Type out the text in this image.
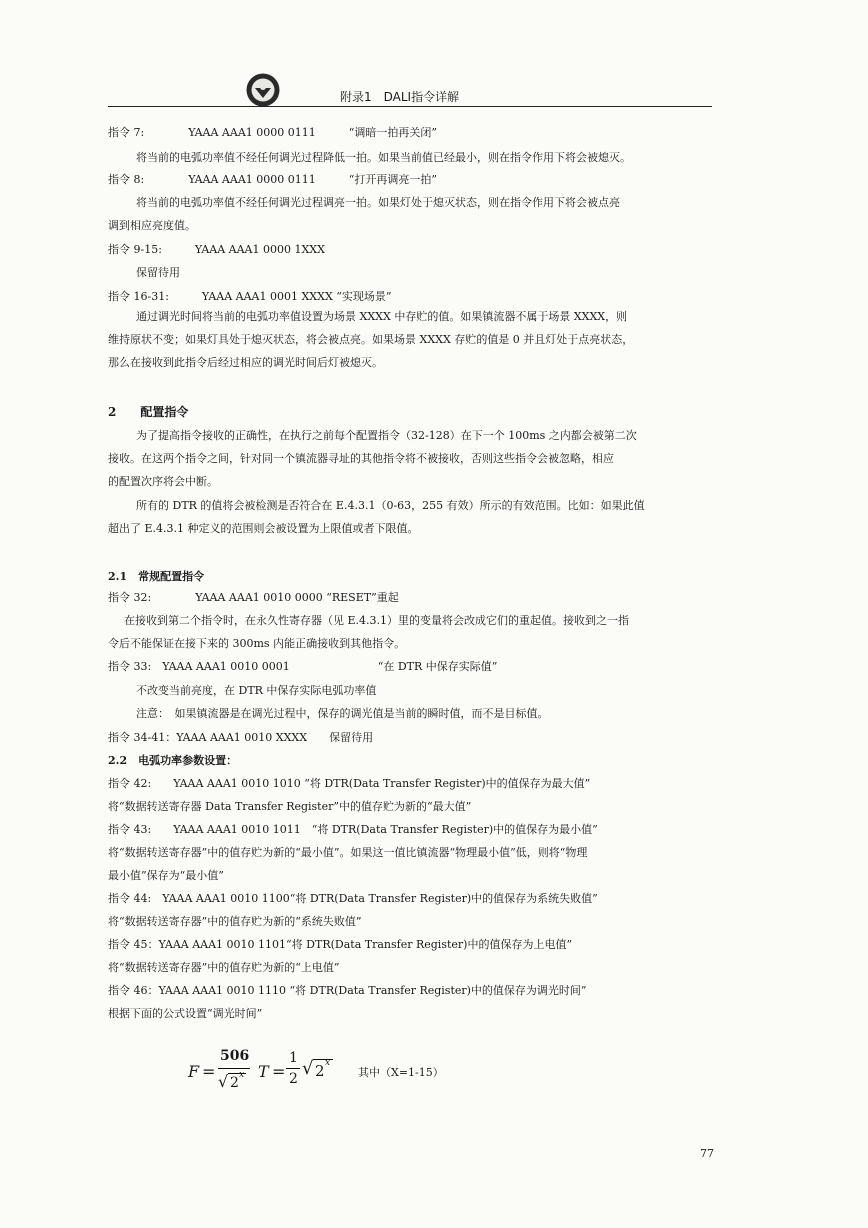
附录1　DALI指令详解
指令 7:　　　　YAAA AAA1 0000 0111　　　“调暗一拍再关闭”
将当前的电弧功率值不经任何调光过程降低一拍。如果当前值已经最小，则在指令作用下将会被熄灭。
指令 8:　　　　YAAA AAA1 0000 0111　　　“打开再调亮一拍”
将当前的电弧功率值不经任何调光过程调亮一拍。如果灯处于熄灭状态，则在指令作用下将会被点亮
调到相应亮度值。
指令 9-15:　　　YAAA AAA1 0000 1XXX
保留待用
指令 16-31:　　　YAAA AAA1 0001 XXXX “实现场景”
通过调光时间将当前的电弧功率值设置为场景 XXXX 中存贮的值。如果镇流器不属于场景 XXXX，则
维持原状不变；如果灯具处于熄灭状态，将会被点亮。如果场景 XXXX 存贮的值是 0 并且灯处于点亮状态，
那么在接收到此指令后经过相应的调光时间后灯被熄灭。
2　　配置指令
为了提高指令接收的正确性，在执行之前每个配置指令（32-128）在下一个 100ms 之内都会被第二次
接收。在这两个指令之间，针对同一个镇流器寻址的其他指令将不被接收，否则这些指令会被忽略，相应
的配置次序将会中断。
所有的 DTR 的值将会被检测是否符合在 E.4.3.1（0-63，255 有效）所示的有效范围。比如：如果此值
超出了 E.4.3.1 种定义的范围则会被设置为上限值或者下限值。
2.1　常规配置指令
指令 32:　　　　YAAA AAA1 0010 0000 “RESET”重起
在接收到第二个指令时，在永久性寄存器（见 E.4.3.1）里的变量将会改成它们的重起值。接收到之一指
令后不能保证在接下来的 300ms 内能正确接收到其他指令。
指令 33:　YAAA AAA1 0010 0001　　　　　　　　“在 DTR 中保存实际值”
不改变当前亮度，在 DTR 中保存实际电弧功率值
注意：　如果镇流器是在调光过程中，保存的调光值是当前的瞬时值，而不是目标值。
指令 34-41：YAAA AAA1 0010 XXXX　　保留待用
2.2　电弧功率参数设置：
指令 42:　　YAAA AAA1 0010 1010 “将 DTR(Data Transfer Register)中的值保存为最大值”
将“数据转送寄存器 Data Transfer Register”中的值存贮为新的“最大值”
指令 43:　　YAAA AAA1 0010 1011　“将 DTR(Data Transfer Register)中的值保存为最小值”
将“数据转送寄存器”中的值存贮为新的“最小值”。如果这一值比镇流器“物理最小值”低，则将“物理
最小值”保存为“最小值”
指令 44:　YAAA AAA1 0010 1100“将 DTR(Data Transfer Register)中的值保存为系统失败值”
将“数据转送寄存器”中的值存贮为新的“系统失败值”
指令 45：YAAA AAA1 0010 1101“将 DTR(Data Transfer Register)中的值保存为上电值”
将“数据转送寄存器”中的值存贮为新的“上电值”
指令 46：YAAA AAA1 0010 1110 “将 DTR(Data Transfer Register)中的值保存为调光时间”
根据下面的公式设置“调光时间”
F =
506
√ 2 x T =
1
2 √ 2 x
其中（X=1-15）
77
